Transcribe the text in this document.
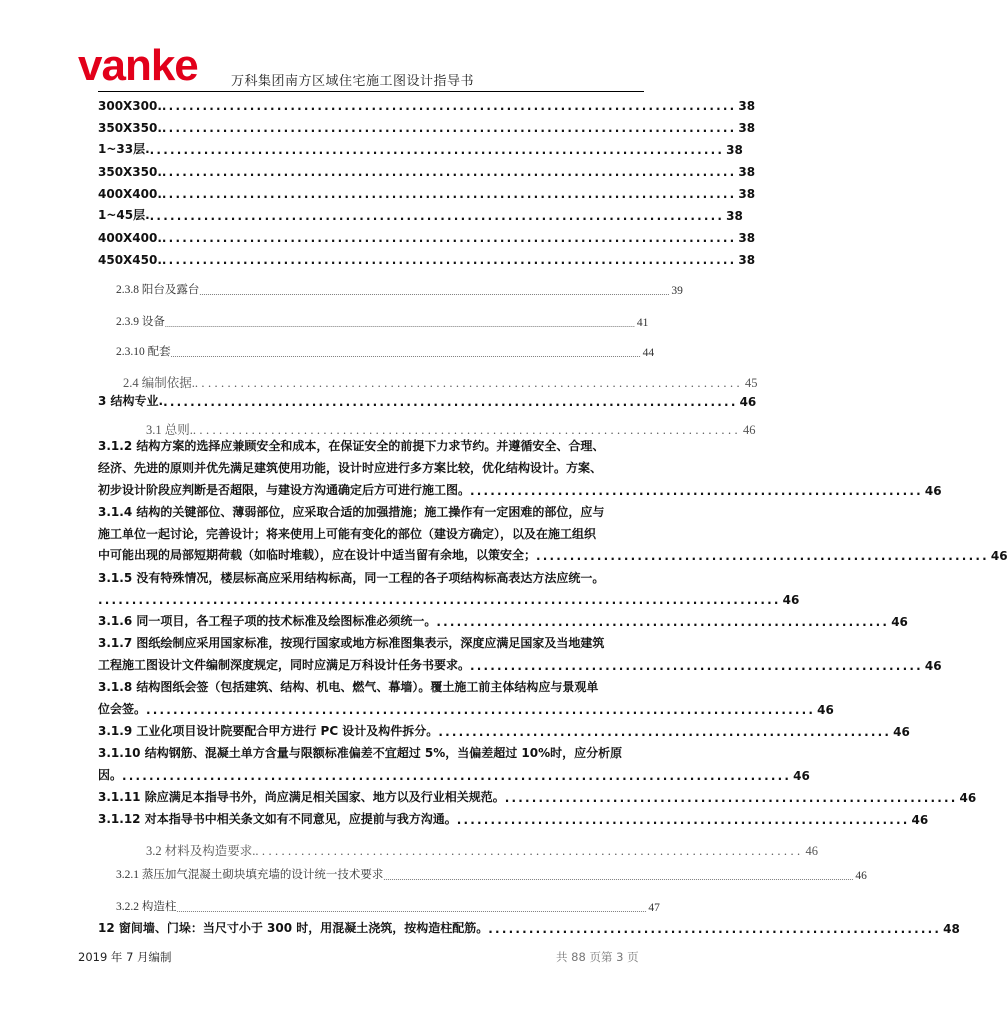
vanke	万科集团南方区域住宅施工图设计指导书
300X300. ..................................................................................... 38
350X350. ..................................................................................... 38
1~33层. ..................................................................................... 38
350X350. ..................................................................................... 38
400X400. ..................................................................................... 38
1~45层. ..................................................................................... 38
400X400. ..................................................................................... 38
450X450. ..................................................................................... 38
2.3.8 阳台及露台 ........................................................................................................................................................................................................................................... 39
2.3.9 设备 ........................................................................................................................................................................................................................................... 41
2.3.10 配套 ........................................................................................................................................................................................................................................... 44
2.4 编制依据. .................................................................................... 45
3 结构专业. ..................................................................................... 46
3.1 总则. .................................................................................... 46
3.1.2 结构方案的选择应兼顾安全和成本，在保证安全的前提下力求节约。并遵循安全、合理、
经济、先进的原则并优先满足建筑使用功能，设计时应进行多方案比较，优化结构设计。方案、
初步设计阶段应判断是否超限，与建设方沟通确定后方可进行施工图。 ................................................................... 46
3.1.4 结构的关键部位、薄弱部位，应采取合适的加强措施；施工操作有一定困难的部位，应与
施工单位一起讨论，完善设计；将来使用上可能有变化的部位（建设方确定），以及在施工组织
中可能出现的局部短期荷载（如临时堆载），应在设计中适当留有余地，以策安全； ................................................................... 46
3.1.5 没有特殊情况，楼层标高应采用结构标高，同一工程的各子项结构标高表达方法应统一。
..................................................................................................... 46
3.1.6 同一项目，各工程子项的技术标准及绘图标准必须统一。 ................................................................... 46
3.1.7 图纸绘制应采用国家标准，按现行国家或地方标准图集表示，深度应满足国家及当地建筑
工程施工图设计文件编制深度规定，同时应满足万科设计任务书要求。 ................................................................... 46
3.1.8 结构图纸会签（包括建筑、结构、机电、燃气、幕墙）。覆土施工前主体结构应与景观单
位会签。 ................................................................................................... 46
3.1.9 工业化项目设计院要配合甲方进行 PC 设计及构件拆分。 ................................................................... 46
3.1.10 结构钢筋、混凝土单方含量与限额标准偏差不宜超过 5%，当偏差超过 10%时，应分析原
因。 ................................................................................................... 46
3.1.11 除应满足本指导书外，尚应满足相关国家、地方以及行业相关规范。 ................................................................... 46
3.1.12 对本指导书中相关条文如有不同意见，应提前与我方沟通。 ................................................................... 46
3.2 材料及构造要求. .................................................................................... 46
3.2.1 蒸压加气混凝土砌块填充墙的设计统一技术要求 ........................................................................................................................................................................................................................................... 46
3.2.2 构造柱 ........................................................................................................................................................................................................................................... 47
12 窗间墙、门垛：当尺寸小于 300 时，用混凝土浇筑，按构造柱配筋。 ................................................................... 48
2019 年 7 月编制	共 88 页第 3 页
